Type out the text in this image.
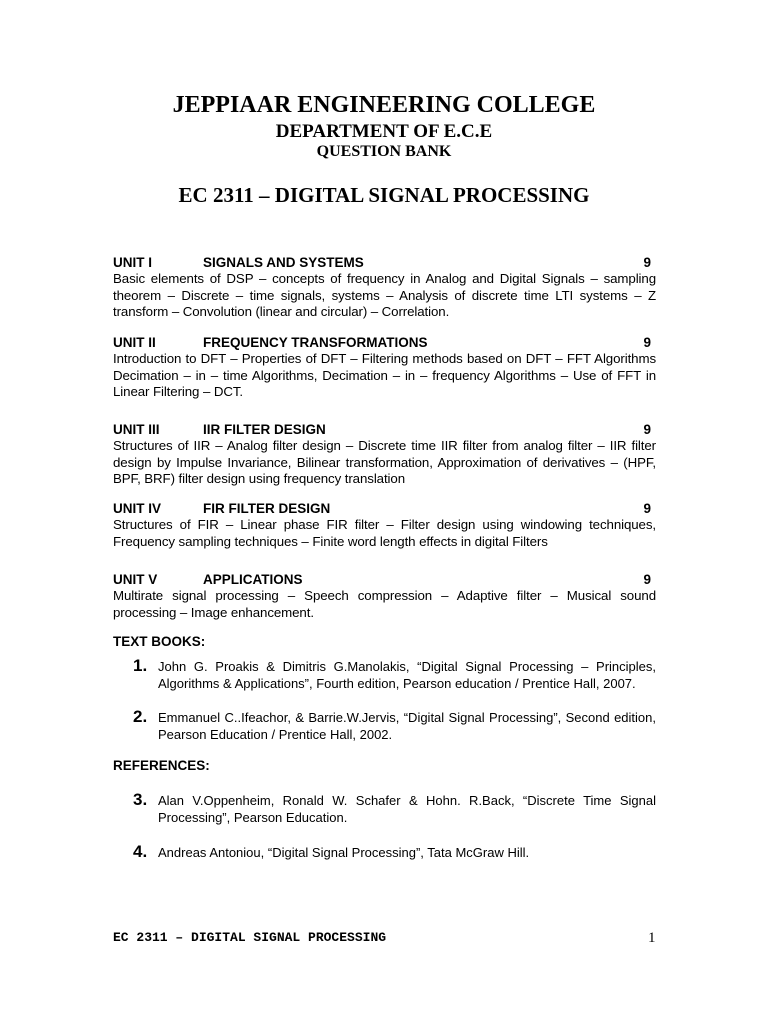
JEPPIAAR ENGINEERING COLLEGE
DEPARTMENT OF E.C.E
QUESTION BANK
EC 2311 – DIGITAL SIGNAL PROCESSING
UNIT I	SIGNALS AND SYSTEMS	9
Basic elements of DSP – concepts of frequency in Analog and Digital Signals – sampling theorem – Discrete – time signals, systems – Analysis of discrete time LTI systems – Z transform – Convolution (linear and circular) – Correlation.
UNIT II	FREQUENCY TRANSFORMATIONS	9
Introduction to DFT – Properties of DFT – Filtering methods based on DFT – FFT Algorithms Decimation – in – time Algorithms, Decimation – in – frequency Algorithms – Use of FFT in Linear Filtering – DCT.
UNIT III	IIR FILTER DESIGN	9
Structures of IIR – Analog filter design – Discrete time IIR filter from analog filter – IIR filter design by Impulse Invariance, Bilinear transformation, Approximation of derivatives – (HPF, BPF, BRF) filter design using frequency translation
UNIT IV	FIR FILTER DESIGN	9
Structures of FIR – Linear phase FIR filter – Filter design using windowing techniques, Frequency sampling techniques – Finite word length effects in digital Filters
UNIT V	APPLICATIONS	9
Multirate signal processing – Speech compression – Adaptive filter – Musical sound processing – Image enhancement.
TEXT BOOKS:
1. John G. Proakis & Dimitris G.Manolakis, “Digital Signal Processing – Principles, Algorithms & Applications”, Fourth edition, Pearson education / Prentice Hall, 2007.
2. Emmanuel C..Ifeachor, & Barrie.W.Jervis, “Digital Signal Processing”, Second edition, Pearson Education / Prentice Hall, 2002.
REFERENCES:
3. Alan V.Oppenheim, Ronald W. Schafer & Hohn. R.Back, “Discrete Time Signal Processing”, Pearson Education.
4. Andreas Antoniou, “Digital Signal Processing”, Tata McGraw Hill.
EC 2311 – DIGITAL SIGNAL PROCESSING	1
